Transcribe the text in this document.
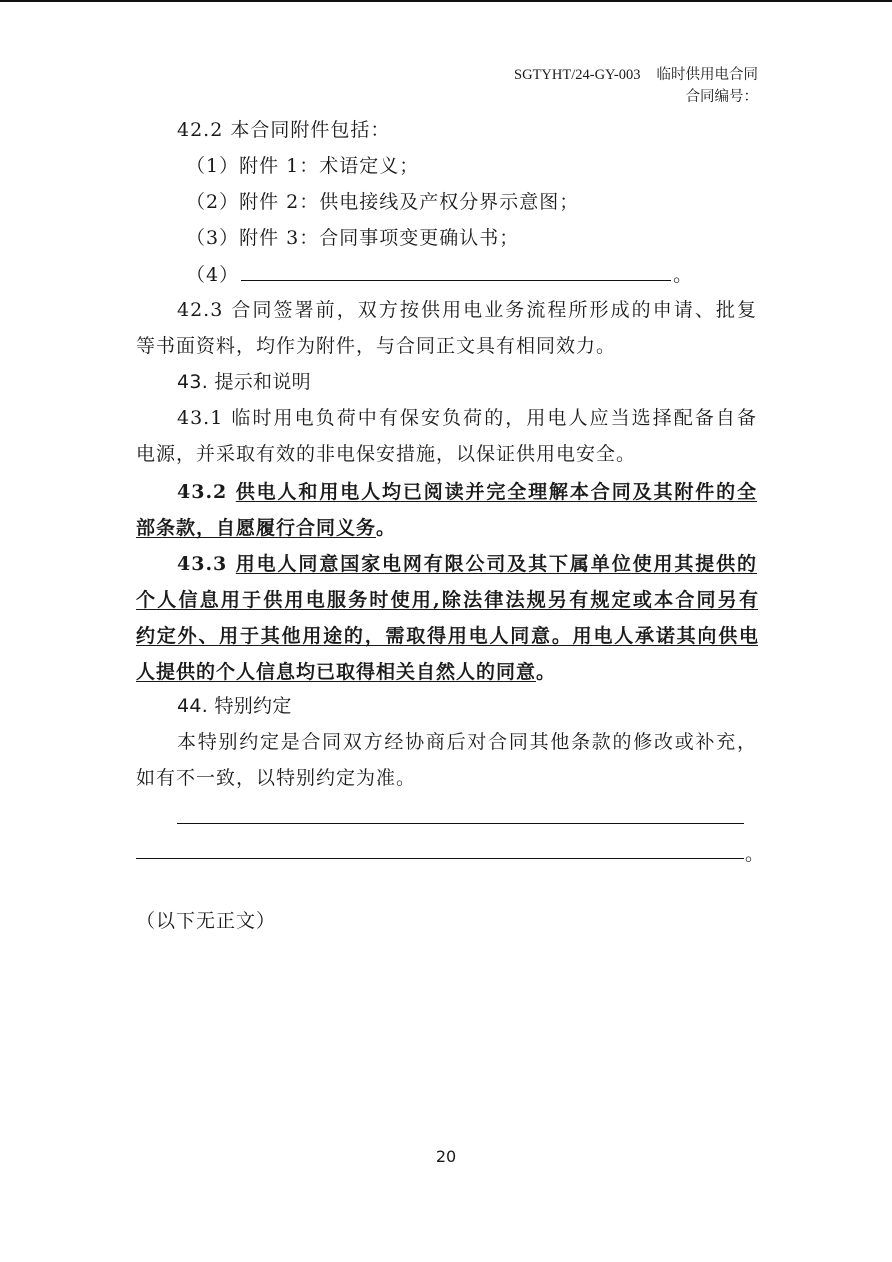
SGTYHT/24-GY-003 临时供用电合同
合同编号：
42.2 本合同附件包括：
（1）附件 1：术语定义；
（2）附件 2：供电接线及产权分界示意图；
（3）附件 3：合同事项变更确认书；
（4）	。
42.3 合同签署前，双方按供用电业务流程所形成的申请、批复
等书面资料，均作为附件，与合同正文具有相同效力。
43. 提示和说明
43.1 临时用电负荷中有保安负荷的，用电人应当选择配备自备
电源，并采取有效的非电保安措施，以保证供用电安全。
43.2 供电人和用电人均已阅读并完全理解本合同及其附件的全
部条款，自愿履行合同义务。
43.3 用电人同意国家电网有限公司及其下属单位使用其提供的
个人信息用于供用电服务时使用,除法律法规另有规定或本合同另有
约定外、用于其他用途的，需取得用电人同意。用电人承诺其向供电
人提供的个人信息均已取得相关自然人的同意。
44. 特别约定
本特别约定是合同双方经协商后对合同其他条款的修改或补充，
如有不一致，以特别约定为准。
。
（以下无正文）
20
